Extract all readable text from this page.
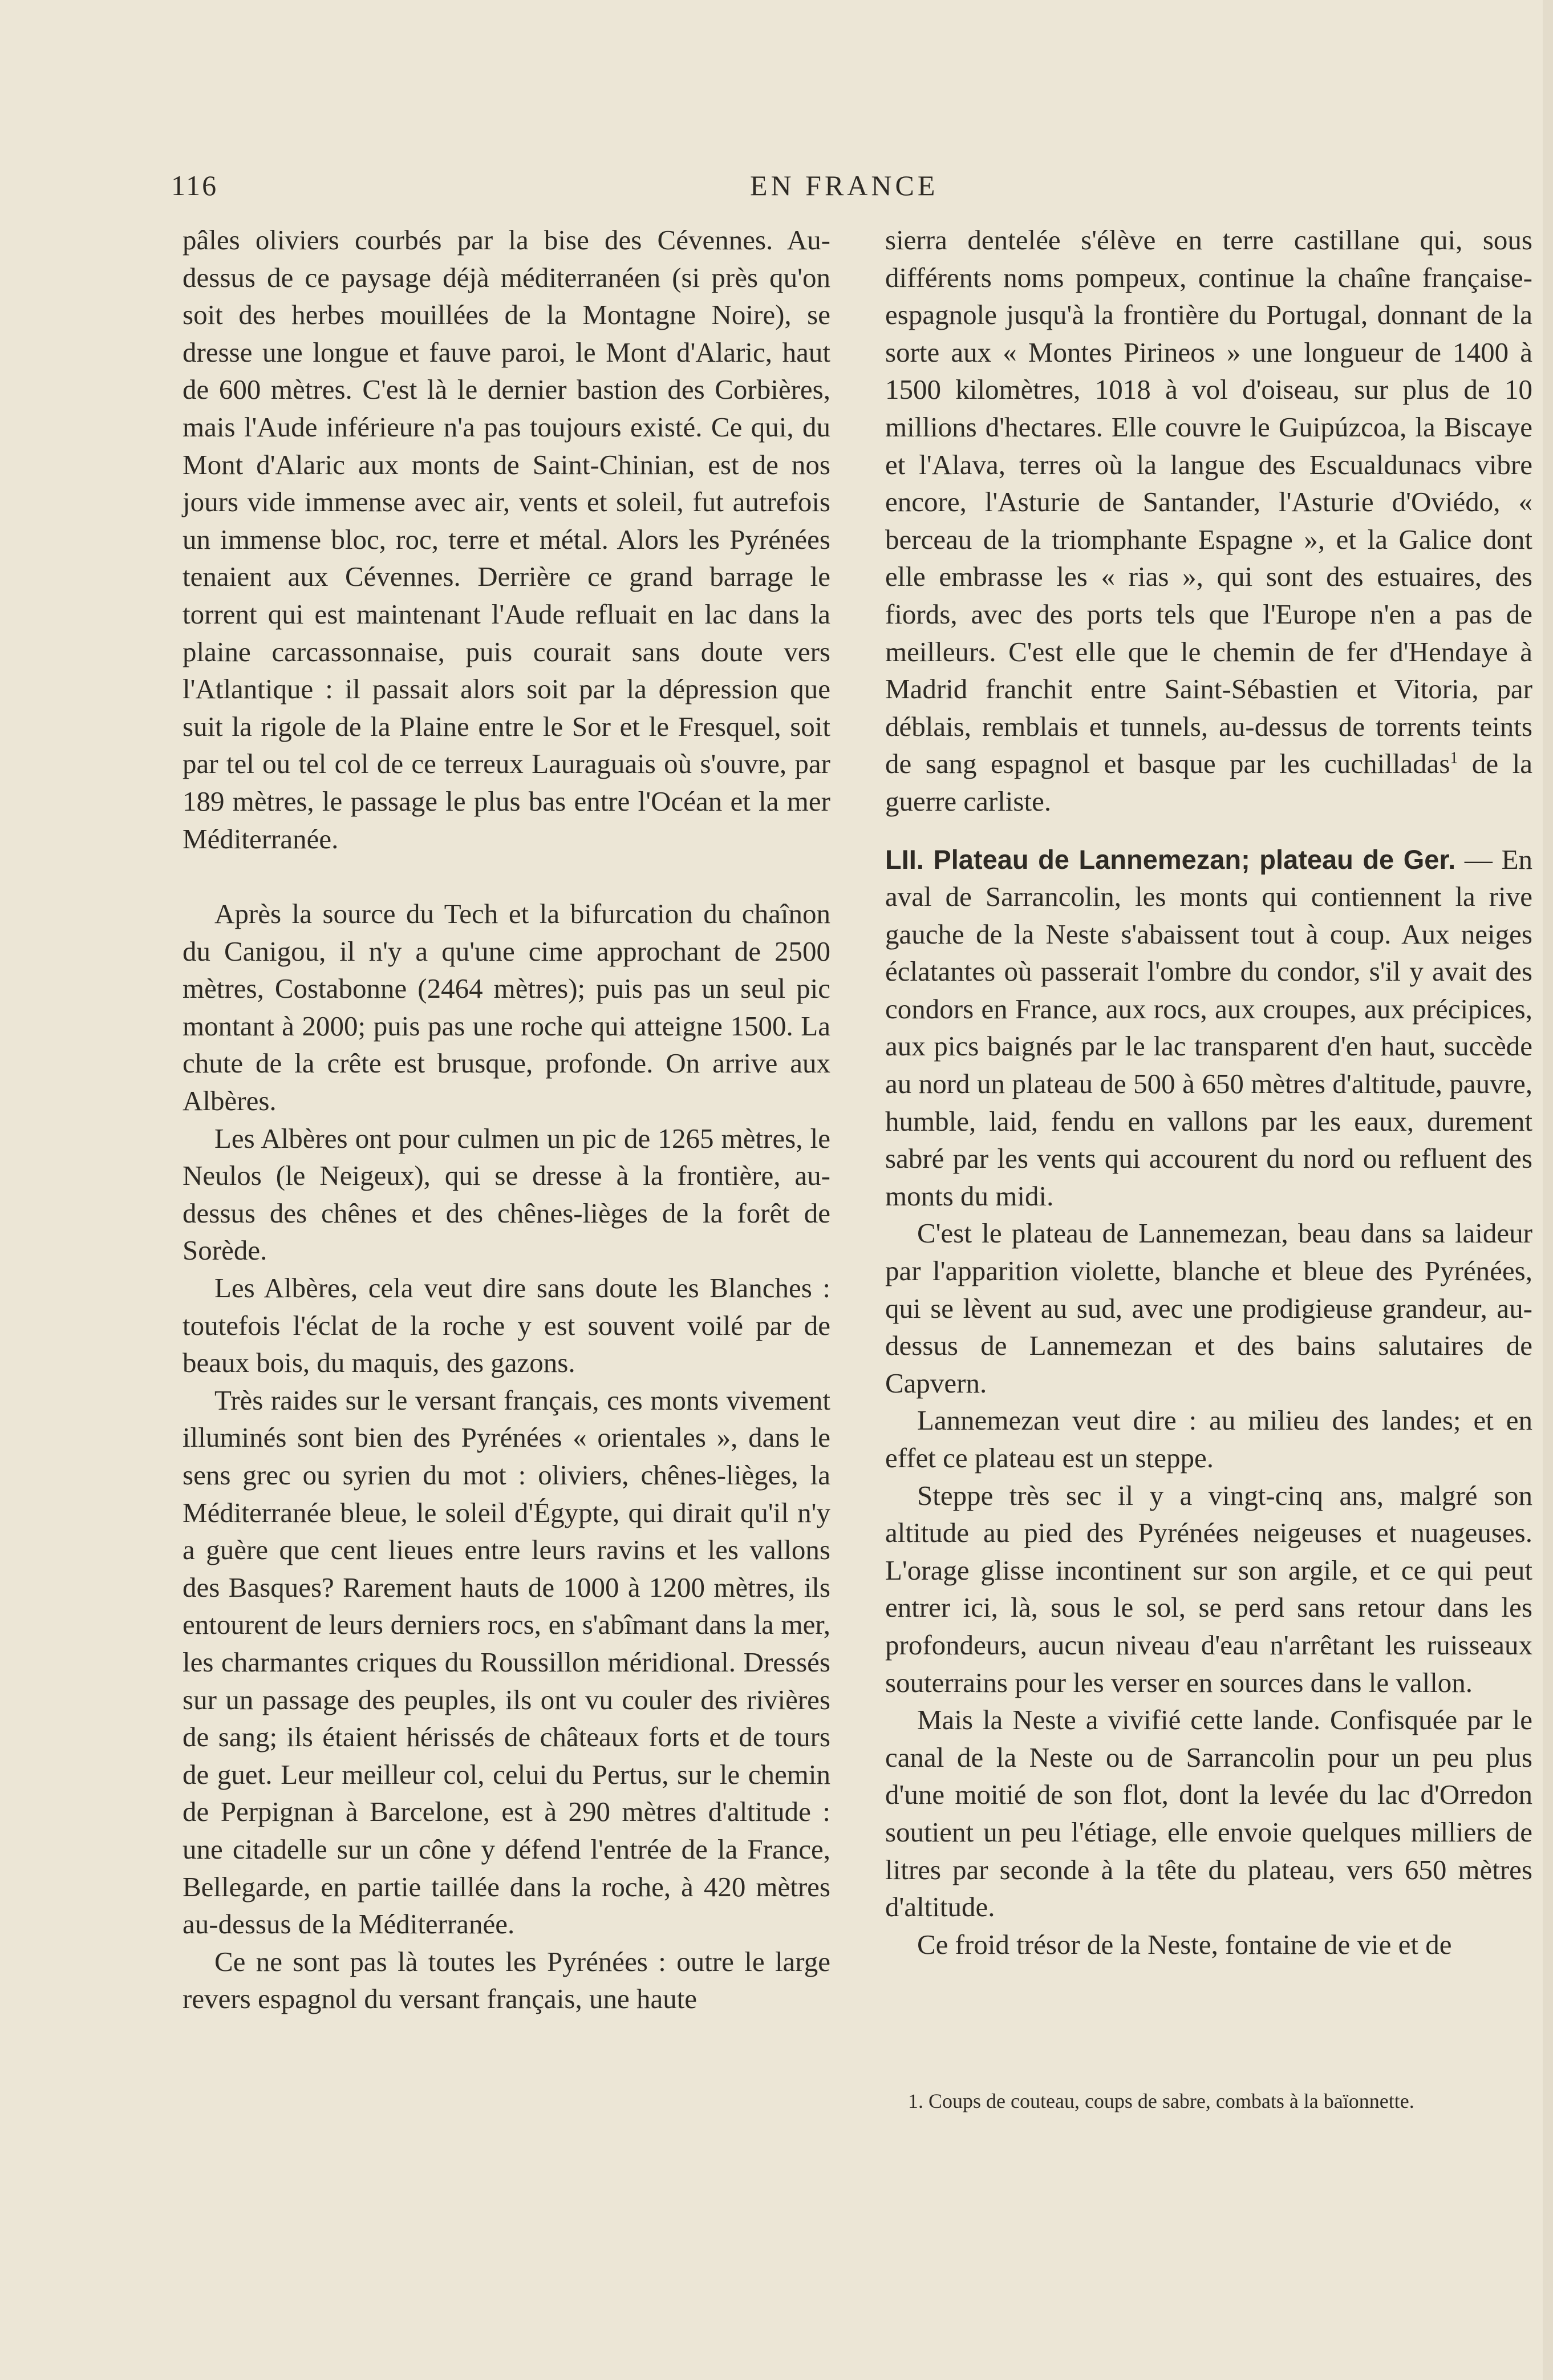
116	EN FRANCE

pâles oliviers courbés par la bise des Cévennes. Au-dessus de ce paysage déjà méditerranéen (si près qu'on soit des herbes mouillées de la Montagne Noire), se dresse une longue et fauve paroi, le Mont d'Alaric, haut de 600 mètres. C'est là le dernier bastion des Corbières, mais l'Aude inférieure n'a pas toujours existé. Ce qui, du Mont d'Alaric aux monts de Saint-Chinian, est de nos jours vide immense avec air, vents et soleil, fut autrefois un immense bloc, roc, terre et métal. Alors les Pyrénées tenaient aux Cévennes. Derrière ce grand barrage le torrent qui est maintenant l'Aude refluait en lac dans la plaine carcassonnaise, puis courait sans doute vers l'Atlantique : il passait alors soit par la dépression que suit la rigole de la Plaine entre le Sor et le Fresquel, soit par tel ou tel col de ce terreux Lauraguais où s'ouvre, par 189 mètres, le passage le plus bas entre l'Océan et la mer Méditerranée.

Après la source du Tech et la bifurcation du chaînon du Canigou, il n'y a qu'une cime approchant de 2500 mètres, Costabonne (2464 mètres); puis pas un seul pic montant à 2000; puis pas une roche qui atteigne 1500. La chute de la crête est brusque, profonde. On arrive aux Albères.

Les Albères ont pour culmen un pic de 1265 mètres, le Neulos (le Neigeux), qui se dresse à la frontière, au-dessus des chênes et des chênes-lièges de la forêt de Sorède.

Les Albères, cela veut dire sans doute les Blanches : toutefois l'éclat de la roche y est souvent voilé par de beaux bois, du maquis, des gazons.

Très raides sur le versant français, ces monts vivement illuminés sont bien des Pyrénées « orientales », dans le sens grec ou syrien du mot : oliviers, chênes-lièges, la Méditerranée bleue, le soleil d'Égypte, qui dirait qu'il n'y a guère que cent lieues entre leurs ravins et les vallons des Basques? Rarement hauts de 1000 à 1200 mètres, ils entourent de leurs derniers rocs, en s'abîmant dans la mer, les charmantes criques du Roussillon méridional. Dressés sur un passage des peuples, ils ont vu couler des rivières de sang; ils étaient hérissés de châteaux forts et de tours de guet. Leur meilleur col, celui du Pertus, sur le chemin de Perpignan à Barcelone, est à 290 mètres d'altitude : une citadelle sur un cône y défend l'entrée de la France, Bellegarde, en partie taillée dans la roche, à 420 mètres au-dessus de la Méditerranée.

Ce ne sont pas là toutes les Pyrénées : outre le large revers espagnol du versant français, une haute

sierra dentelée s'élève en terre castillane qui, sous différents noms pompeux, continue la chaîne française-espagnole jusqu'à la frontière du Portugal, donnant de la sorte aux « Montes Pirineos » une longueur de 1400 à 1500 kilomètres, 1018 à vol d'oiseau, sur plus de 10 millions d'hectares. Elle couvre le Guipúzcoa, la Biscaye et l'Alava, terres où la langue des Escualdunacs vibre encore, l'Asturie de Santander, l'Asturie d'Oviédo, « berceau de la triomphante Espagne », et la Galice dont elle embrasse les « rias », qui sont des estuaires, des fiords, avec des ports tels que l'Europe n'en a pas de meilleurs. C'est elle que le chemin de fer d'Hendaye à Madrid franchit entre Saint-Sébastien et Vitoria, par déblais, remblais et tunnels, au-dessus de torrents teints de sang espagnol et basque par les cuchilladas$^1$ de la guerre carliste.

LII. Plateau de Lannemezan; plateau de Ger. — En aval de Sarrancolin, les monts qui contiennent la rive gauche de la Neste s'abaissent tout à coup. Aux neiges éclatantes où passerait l'ombre du condor, s'il y avait des condors en France, aux rocs, aux croupes, aux précipices, aux pics baignés par le lac transparent d'en haut, succède au nord un plateau de 500 à 650 mètres d'altitude, pauvre, humble, laid, fendu en vallons par les eaux, durement sabré par les vents qui accourent du nord ou refluent des monts du midi.

C'est le plateau de Lannemezan, beau dans sa laideur par l'apparition violette, blanche et bleue des Pyrénées, qui se lèvent au sud, avec une prodigieuse grandeur, au-dessus de Lannemezan et des bains salutaires de Capvern.

Lannemezan veut dire : au milieu des landes; et en effet ce plateau est un steppe.

Steppe très sec il y a vingt-cinq ans, malgré son altitude au pied des Pyrénées neigeuses et nuageuses. L'orage glisse incontinent sur son argile, et ce qui peut entrer ici, là, sous le sol, se perd sans retour dans les profondeurs, aucun niveau d'eau n'arrêtant les ruisseaux souterrains pour les verser en sources dans le vallon.

Mais la Neste a vivifié cette lande. Confisquée par le canal de la Neste ou de Sarrancolin pour un peu plus d'une moitié de son flot, dont la levée du lac d'Orredon soutient un peu l'étiage, elle envoie quelques milliers de litres par seconde à la tête du plateau, vers 650 mètres d'altitude.

Ce froid trésor de la Neste, fontaine de vie et de

1. Coups de couteau, coups de sabre, combats à la baïonnette.
